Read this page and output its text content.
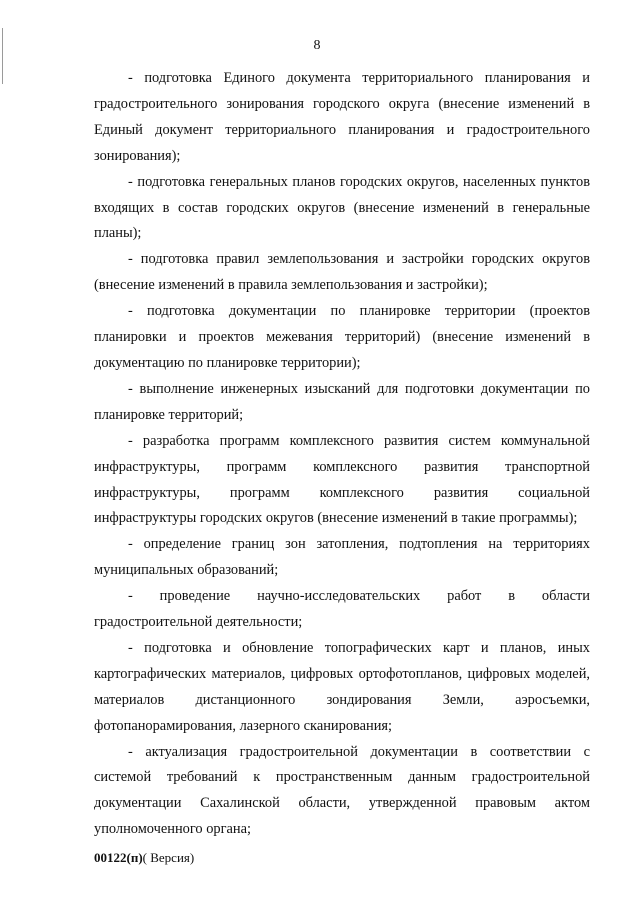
8

- подготовка Единого документа территориального планирования и градостроительного зонирования городского округа (внесение изменений в Единый документ территориального планирования и градостроительного зонирования);

- подготовка генеральных планов городских округов, населенных пунктов входящих в состав городских округов (внесение изменений в генеральные планы);

- подготовка правил землепользования и застройки городских округов (внесение изменений в правила землепользования и застройки);

- подготовка документации по планировке территории (проектов планировки и проектов межевания территорий) (внесение изменений в документацию по планировке территории);

- выполнение инженерных изысканий для подготовки документации по планировке территорий;

- разработка программ комплексного развития систем коммунальной инфраструктуры, программ комплексного развития транспортной инфраструктуры, программ комплексного развития социальной инфраструктуры городских округов (внесение изменений в такие программы);

- определение границ зон затопления, подтопления на территориях муниципальных образований;

- проведение научно-исследовательских работ в области градостроительной деятельности;

- подготовка и обновление топографических карт и планов, иных картографических материалов, цифровых ортофотопланов, цифровых моделей, материалов дистанционного зондирования Земли, аэросъемки, фотопанорамирования, лазерного сканирования;

- актуализация градостроительной документации в соответствии с системой требований к пространственным данным градостроительной документации Сахалинской области, утвержденной правовым актом уполномоченного органа;

00122(п)( Версия)
